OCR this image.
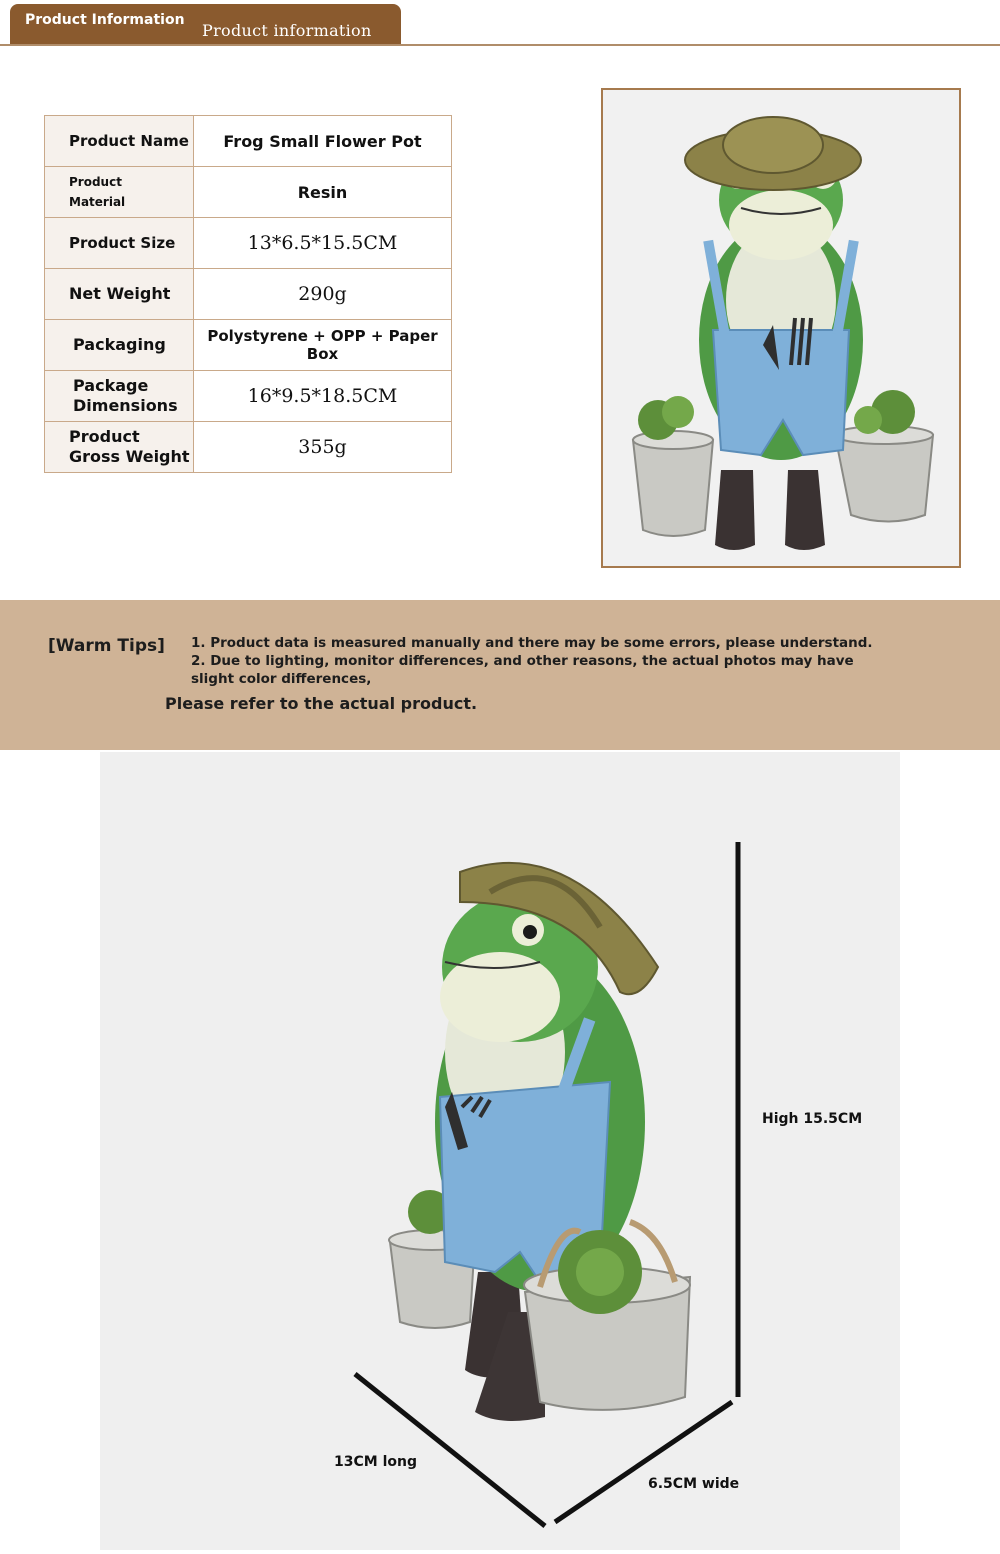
Product Information
Product information
Product Name	Frog Small Flower Pot
Product
Material	Resin
Product Size	13*6.5*15.5CM
Net Weight	290g
Packaging	Polystyrene + OPP + Paper Box
Package
Dimensions	16*9.5*18.5CM
Product
Gross Weight	355g
[Warm Tips] 1. Product data is measured manually and there may be some errors, please understand. 2. Due to lighting, monitor differences, and other reasons, the actual photos may have slight color differences,
Please refer to the actual product.
High 15.5CM
13CM long
6.5CM wide
